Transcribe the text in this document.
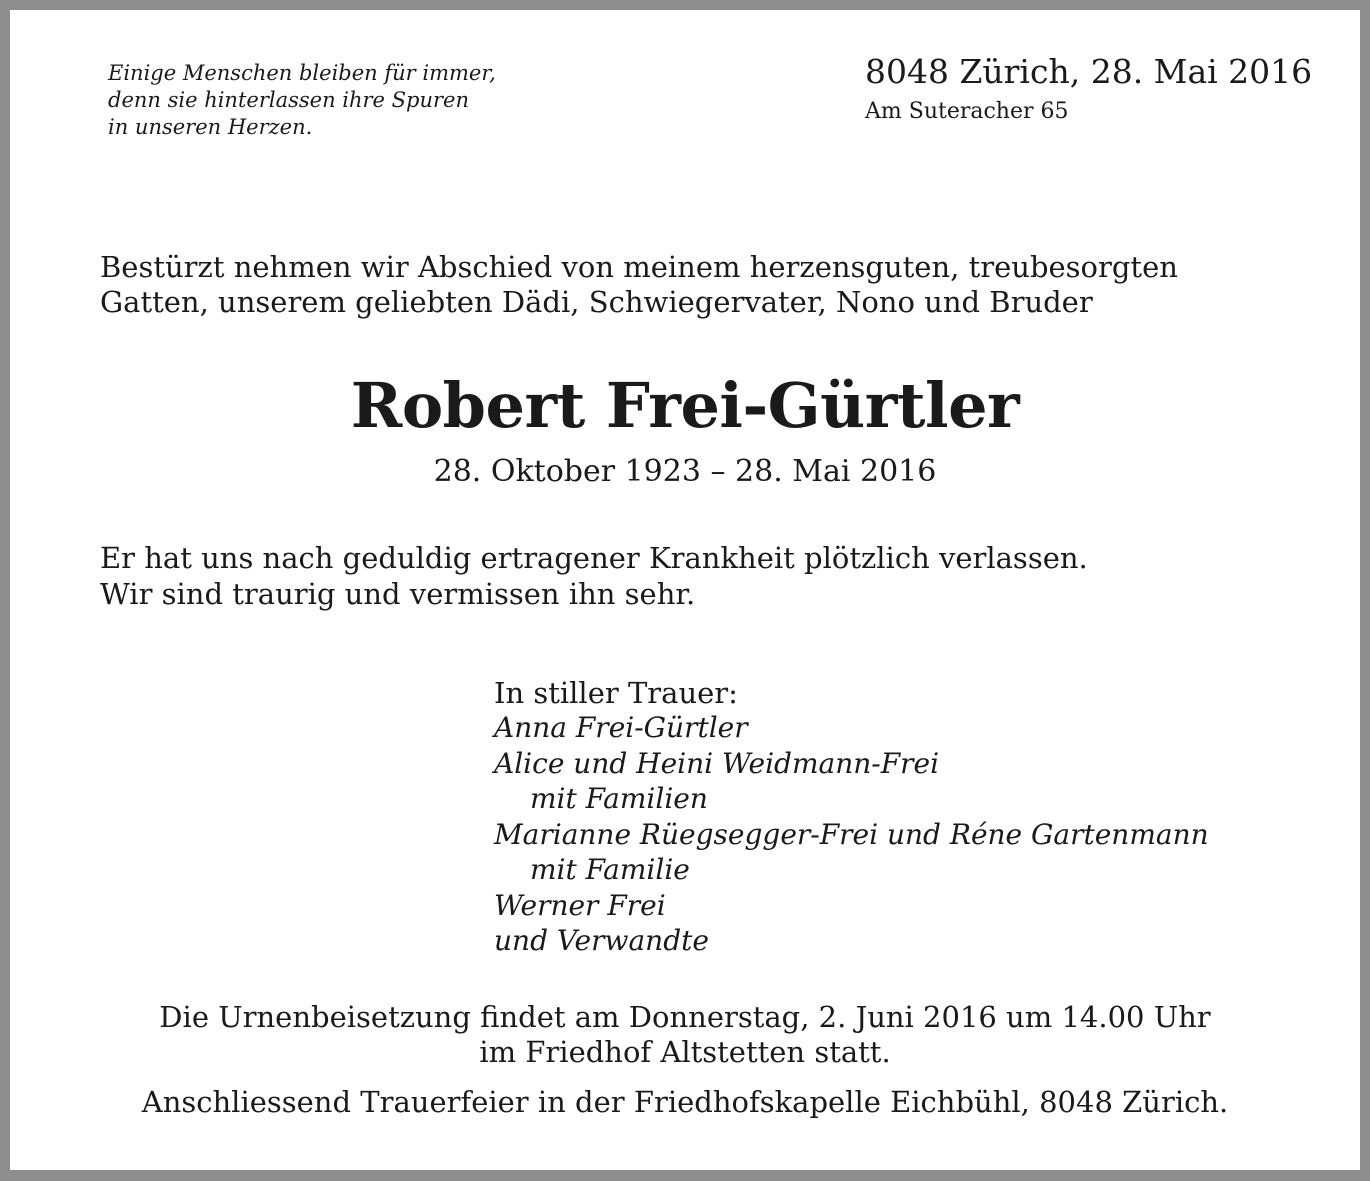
Einige Menschen bleiben für immer,
denn sie hinterlassen ihre Spuren
in unseren Herzen.
8048 Zürich, 28. Mai 2016
Am Suteracher 65
Bestürzt nehmen wir Abschied von meinem herzensguten, treubesorgten
Gatten, unserem geliebten Dädi, Schwiegervater, Nono und Bruder
Robert Frei-Gürtler
28. Oktober 1923 – 28. Mai 2016
Er hat uns nach geduldig ertragener Krankheit plötzlich verlassen.
Wir sind traurig und vermissen ihn sehr.
In stiller Trauer:
Anna Frei-Gürtler
Alice und Heini Weidmann-Frei
mit Familien
Marianne Rüegsegger-Frei und Réne Gartenmann
mit Familie
Werner Frei
und Verwandte
Die Urnenbeisetzung findet am Donnerstag, 2. Juni 2016 um 14.00 Uhr
im Friedhof Altstetten statt.
Anschliessend Trauerfeier in der Friedhofskapelle Eichbühl, 8048 Zürich.
